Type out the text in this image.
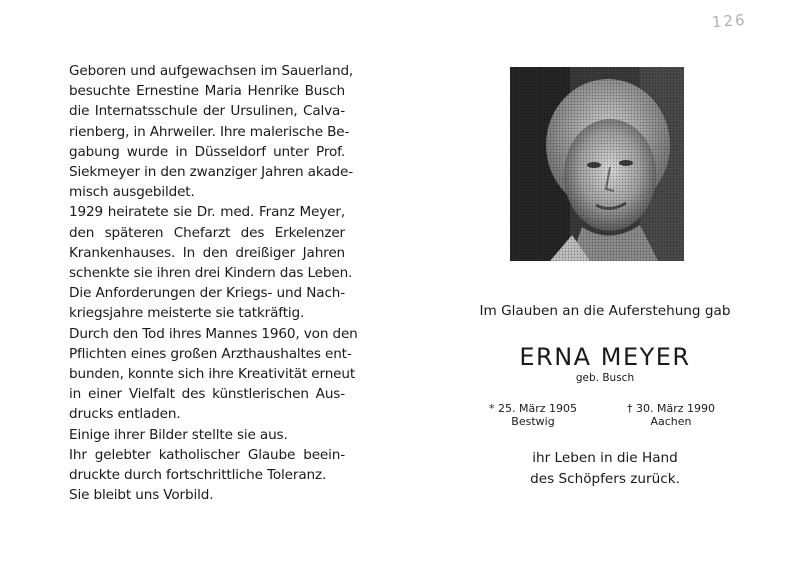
126
Geboren und aufgewachsen im Sauerland,
besuchte Ernestine Maria Henrike Busch
die Internatsschule der Ursulinen, Calva-
rienberg, in Ahrweiler. Ihre malerische Be-
gabung wurde in Düsseldorf unter Prof.
Siekmeyer in den zwanziger Jahren akade-
misch ausgebildet.
1929 heiratete sie Dr. med. Franz Meyer,
den späteren Chefarzt des Erkelenzer
Krankenhauses. In den dreißiger Jahren
schenkte sie ihren drei Kindern das Leben.
Die Anforderungen der Kriegs- und Nach-
kriegsjahre meisterte sie tatkräftig.
Durch den Tod ihres Mannes 1960, von den
Pflichten eines großen Arzthaushaltes ent-
bunden, konnte sich ihre Kreativität erneut
in einer Vielfalt des künstlerischen Aus-
drucks entladen.
Einige ihrer Bilder stellte sie aus.
Ihr gelebter katholischer Glaube beein-
druckte durch fortschrittliche Toleranz.
Sie bleibt uns Vorbild.
Im Glauben an die Auferstehung gab
ERNA MEYER
geb. Busch
* 25. März 1905
Bestwig
† 30. März 1990
Aachen
ihr Leben in die Hand
des Schöpfers zurück.
